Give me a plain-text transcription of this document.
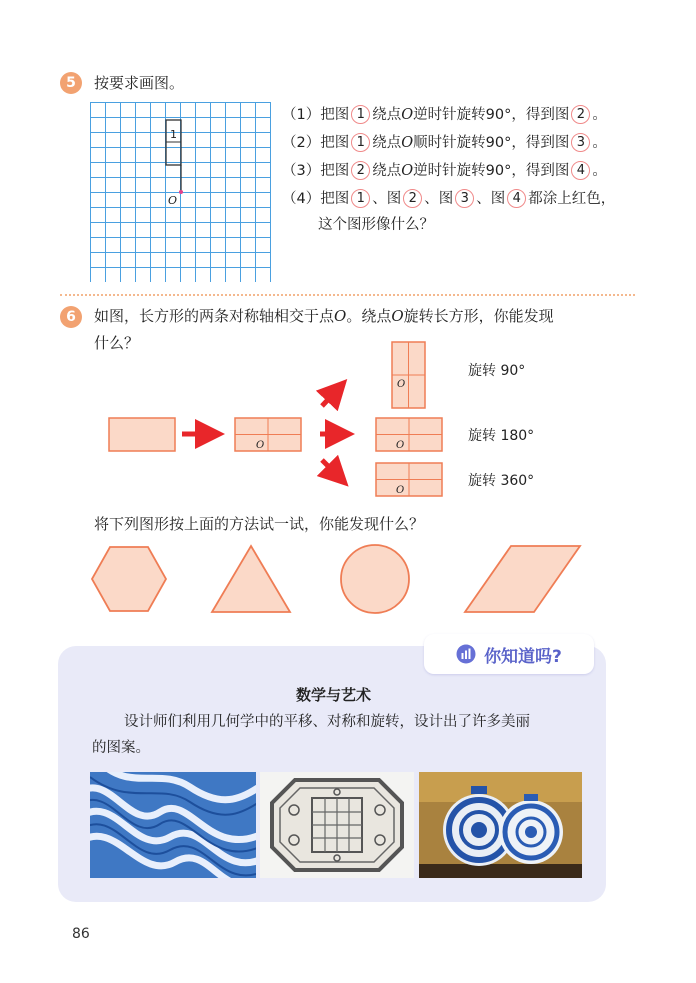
5 按要求画图。
1
O
（1）把图 1 绕点O逆时针旋转90°，得到图 2 。
（2）把图 1 绕点O顺时针旋转90°，得到图 3 。
（3）把图 2 绕点O逆时针旋转90°，得到图 4 。
（4）把图 1 、图 2 、图 3 、图 4 都涂上红色，
这个图形像什么？
6 如图，长方形的两条对称轴相交于点O。绕点O旋转长方形，你能发现
什么？
O
O
O
O
旋转 90°
旋转 180°
旋转 360°
将下列图形按上面的方法试一试，你能发现什么？
你知道吗?
数学与艺术
设计师们利用几何学中的平移、对称和旋转，设计出了许多美丽
的图案。
86
